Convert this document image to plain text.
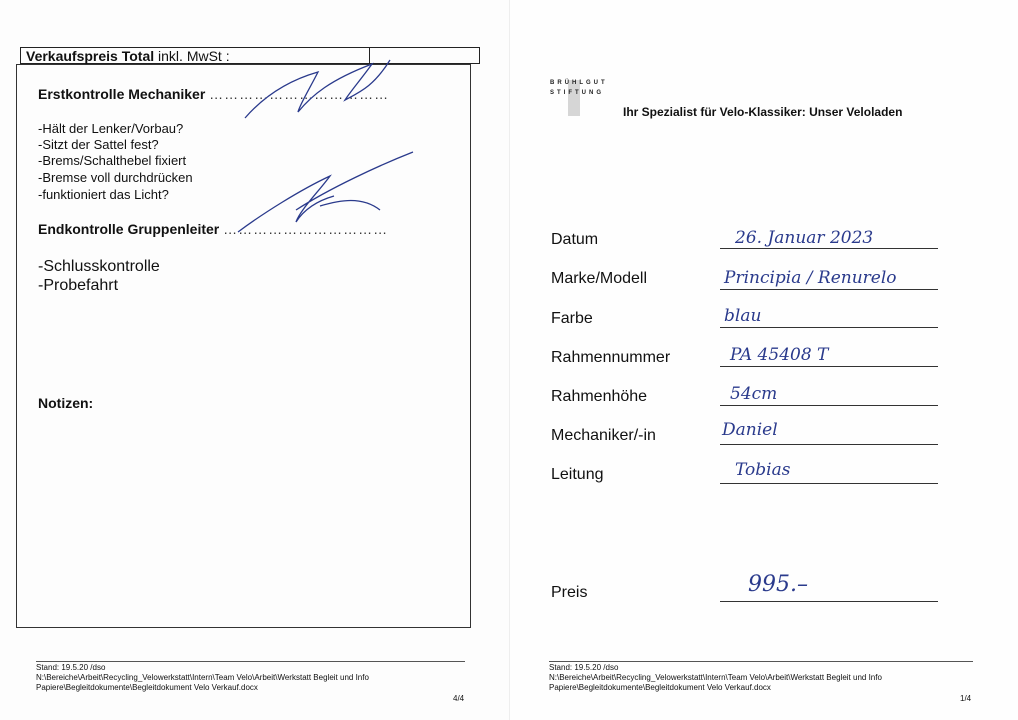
Verkaufspreis Total inkl. MwSt :
Erstkontrolle Mechaniker ………………………………
-Hält der Lenker/Vorbau?
-Sitzt der Sattel fest?
-Brems/Schalthebel fixiert
-Bremse voll durchdrücken
-funktioniert das Licht?
Endkontrolle Gruppenleiter ……………………………
-Schlusskontrolle
-Probefahrt
Notizen:
Stand: 19.5.20 /dso
N:\Bereiche\Arbeit\Recycling_Velowerkstatt\Intern\Team Velo\Arbeit\Werkstatt Begleit und Info
Papiere\Begleitdokumente\Begleitdokument Velo Verkauf.docx
4/4
BRÜHLGUT
STIFTUNG
Ihr Spezialist für Velo-Klassiker: Unser Veloladen
Datum	26. Januar 2023
Marke/Modell	Principia / Renurelo
Farbe	blau
Rahmennummer	PA 45408 T
Rahmenhöhe	54cm
Mechaniker/-in	Daniel
Leitung	Tobias
Preis	995.–
Stand: 19.5.20 /dso
N:\Bereiche\Arbeit\Recycling_Velowerkstatt\Intern\Team Velo\Arbeit\Werkstatt Begleit und Info
Papiere\Begleitdokumente\Begleitdokument Velo Verkauf.docx
1/4
